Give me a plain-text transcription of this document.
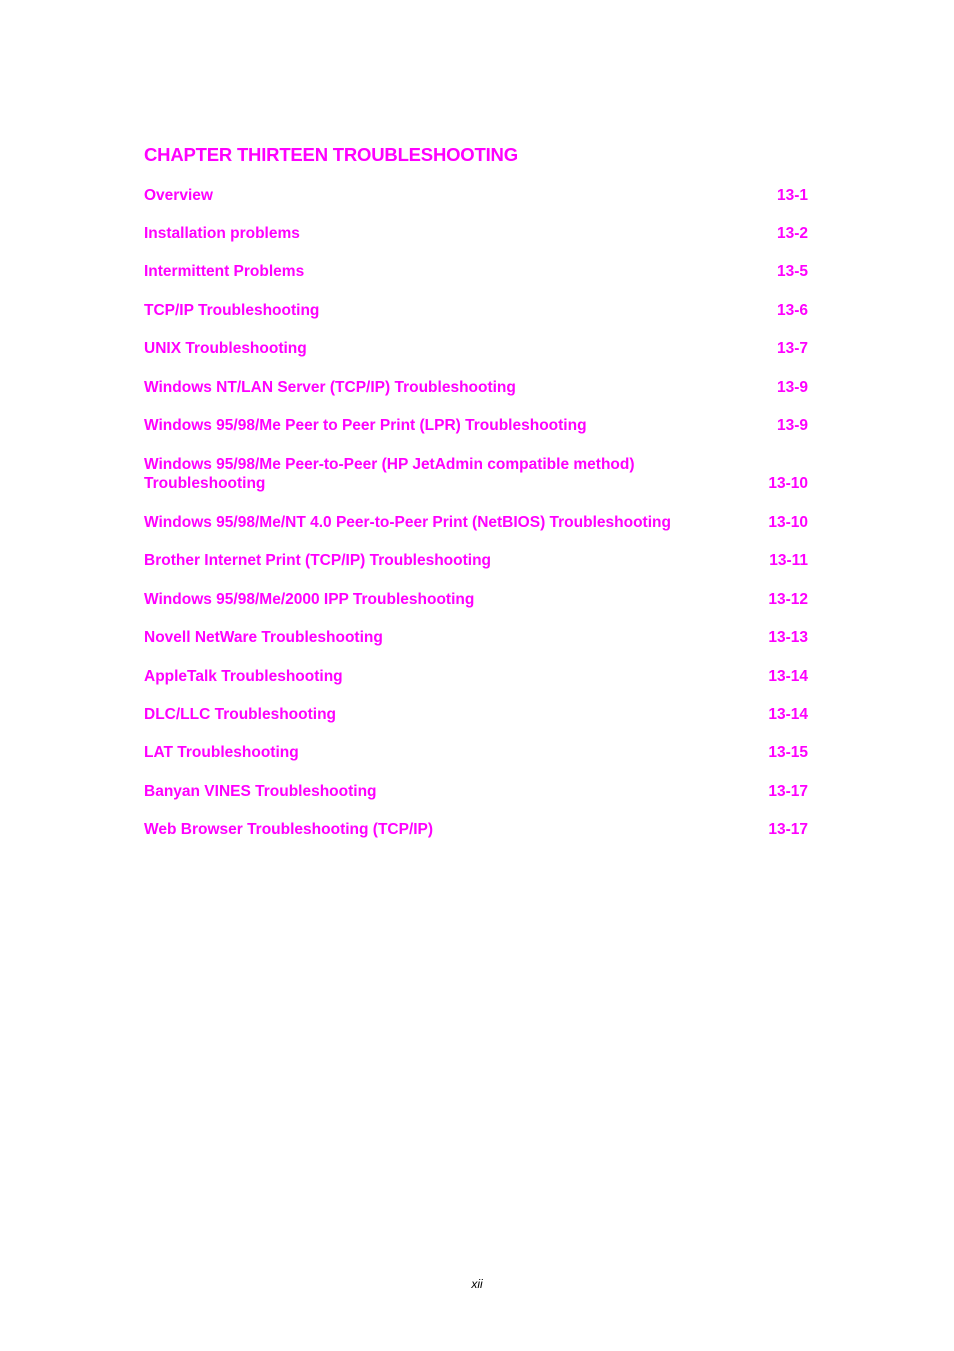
CHAPTER THIRTEEN TROUBLESHOOTING
Overview	13-1
Installation problems	13-2
Intermittent Problems	13-5
TCP/IP Troubleshooting	13-6
UNIX Troubleshooting	13-7
Windows NT/LAN Server (TCP/IP) Troubleshooting	13-9
Windows 95/98/Me Peer to Peer Print (LPR) Troubleshooting	13-9
Windows 95/98/Me Peer-to-Peer (HP JetAdmin compatible method) Troubleshooting	13-10
Windows 95/98/Me/NT 4.0 Peer-to-Peer Print (NetBIOS) Troubleshooting	13-10
Brother Internet Print (TCP/IP) Troubleshooting	13-11
Windows 95/98/Me/2000 IPP Troubleshooting	13-12
Novell NetWare Troubleshooting	13-13
AppleTalk Troubleshooting	13-14
DLC/LLC Troubleshooting	13-14
LAT Troubleshooting	13-15
Banyan VINES Troubleshooting	13-17
Web Browser Troubleshooting (TCP/IP)	13-17
xii
